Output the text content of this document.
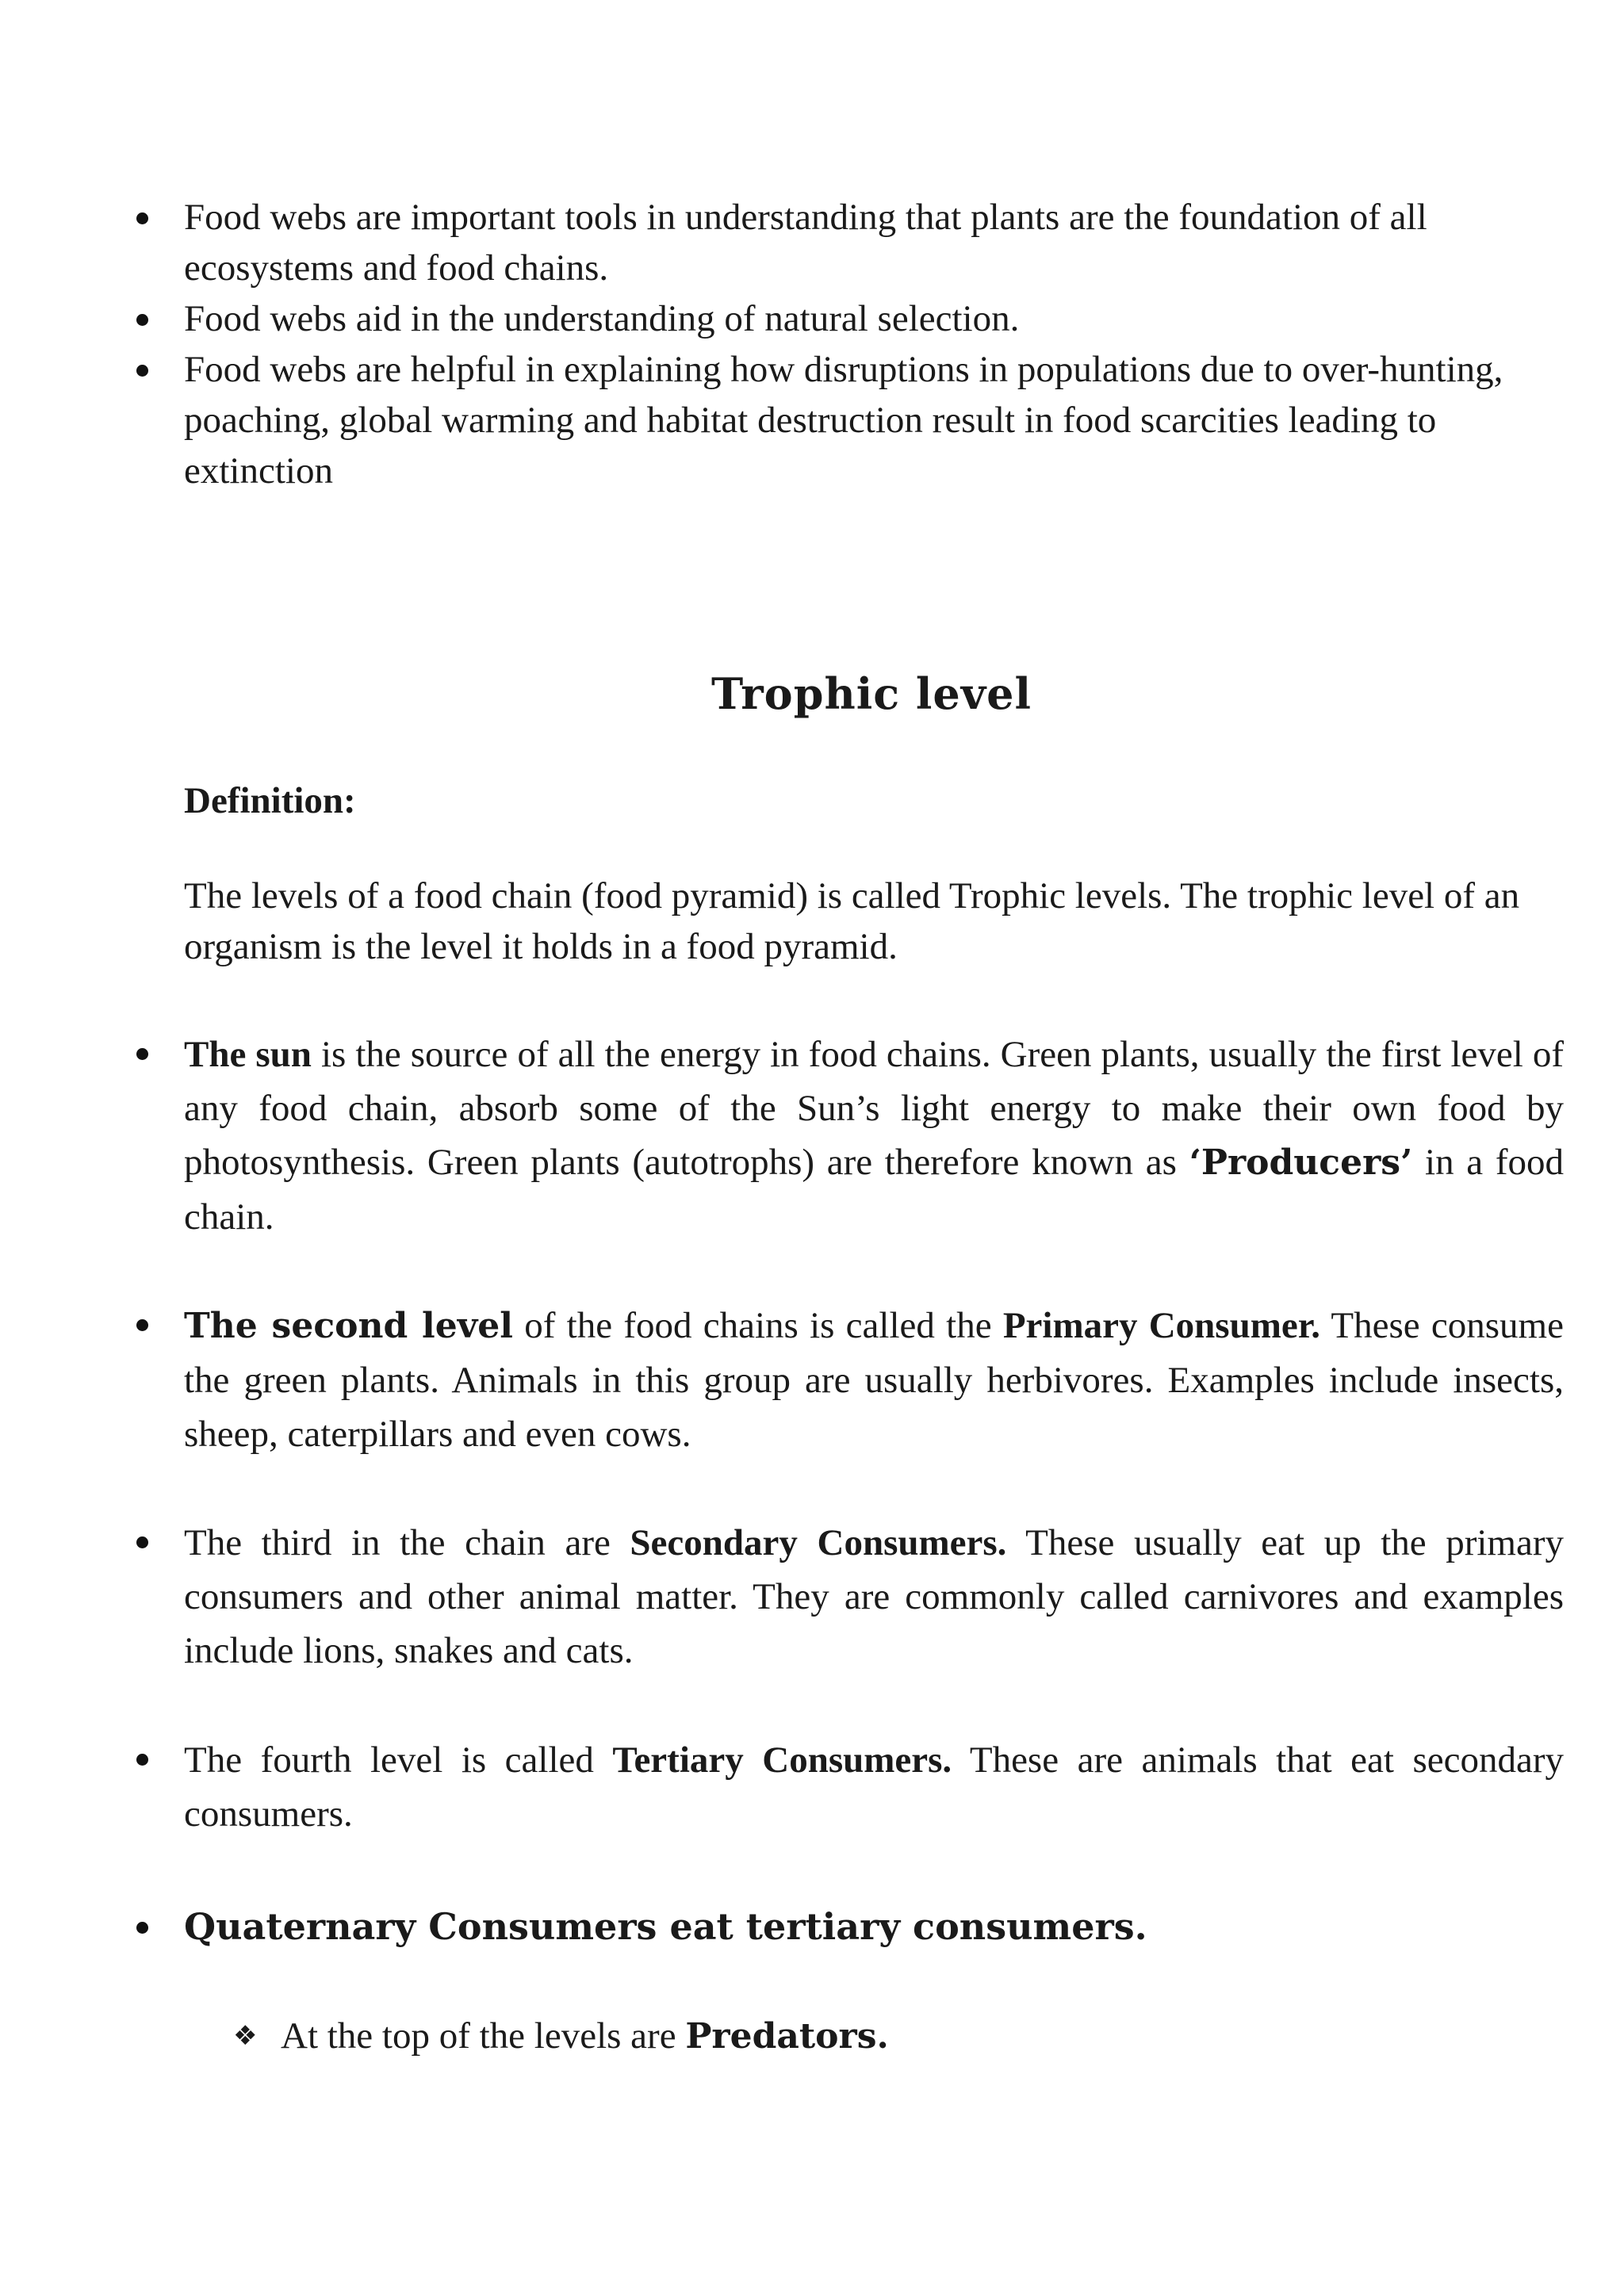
Food webs are important tools in understanding that plants are the foundation of all ecosystems and food chains.
Food webs aid in the understanding of natural selection.
Food webs are helpful in explaining how disruptions in populations due to over-hunting, poaching, global warming and habitat destruction result in food scarcities leading to extinction
Trophic level
Definition:
The levels of a food chain (food pyramid) is called Trophic levels. The trophic level of an organism is the level it holds in a food pyramid.
The sun is the source of all the energy in food chains. Green plants, usually the first level of any food chain, absorb some of the Sun’s light energy to make their own food by photosynthesis. Green plants (autotrophs) are therefore known as ‘Producers’ in a food chain.
The second level of the food chains is called the Primary Consumer. These consume the green plants. Animals in this group are usually herbivores. Examples include insects, sheep, caterpillars and even cows.
The third in the chain are Secondary Consumers. These usually eat up the primary consumers and other animal matter. They are commonly called carnivores and examples include lions, snakes and cats.
The fourth level is called Tertiary Consumers. These are animals that eat secondary consumers.
Quaternary Consumers eat tertiary consumers.
❖ At the top of the levels are Predators.
